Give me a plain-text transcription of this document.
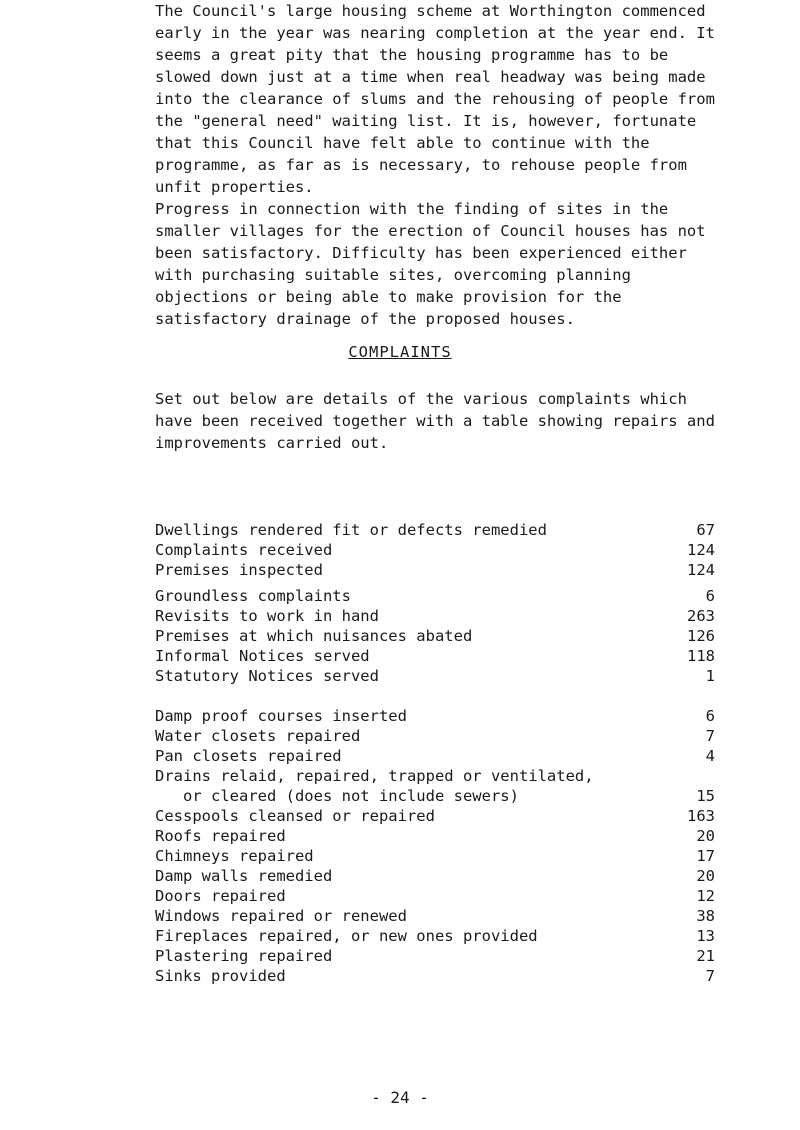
The Council's large housing scheme at Worthington commenced early in the year was nearing completion at the year end. It seems a great pity that the housing programme has to be slowed down just at a time when real headway was being made into the clearance of slums and the rehousing of people from the "general need" waiting list. It is, however, fortunate that this Council have felt able to continue with the programme, as far as is necessary, to rehouse people from unfit properties.

Progress in connection with the finding of sites in the smaller villages for the erection of Council houses has not been satisfactory. Difficulty has been experienced either with purchasing suitable sites, overcoming planning objections or being able to make provision for the satisfactory drainage of the proposed houses.

COMPLAINTS

Set out below are details of the various complaints which have been received together with a table showing repairs and improvements carried out.

Dwellings rendered fit or defects remedied	67
Complaints received	124
Premises inspected	124
Groundless complaints	6
Revisits to work in hand	263
Premises at which nuisances abated	126
Informal Notices served	118
Statutory Notices served	1
Damp proof courses inserted	6
Water closets repaired	7
Pan closets repaired	4
Drains relaid, repaired, trapped or ventilated,
or cleared (does not include sewers)	15
Cesspools cleansed or repaired	163
Roofs repaired	20
Chimneys repaired	17
Damp walls remedied	20
Doors repaired	12
Windows repaired or renewed	38
Fireplaces repaired, or new ones provided	13
Plastering repaired	21
Sinks provided	7
- 24 -
